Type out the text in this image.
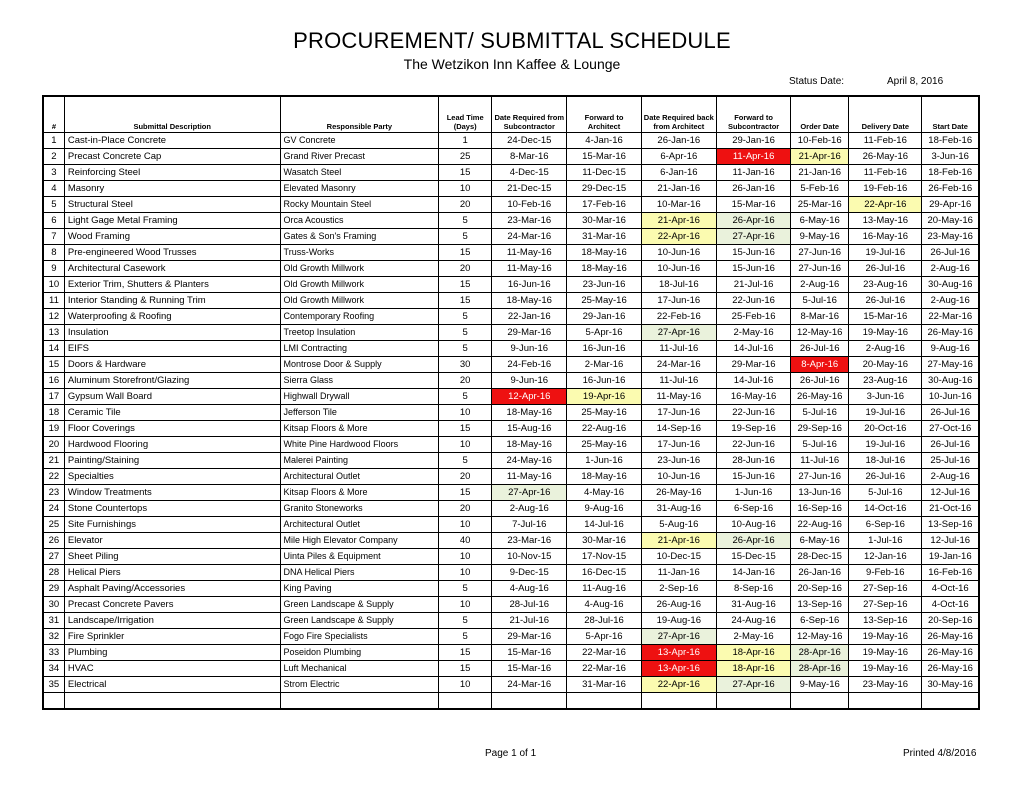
PROCUREMENT/ SUBMITTAL SCHEDULE
The Wetzikon Inn Kaffee & Lounge
Status Date:	April 8, 2016
#	Submittal Description	Responsible Party	Lead Time (Days)	Date Required from Subcontractor	Forward to Architect	Date Required back from Architect	Forward to Subcontractor	Order Date	Delivery Date	Start Date
1	Cast-in-Place Concrete	GV Concrete	1	24-Dec-15	4-Jan-16	26-Jan-16	29-Jan-16	10-Feb-16	11-Feb-16	18-Feb-16
2	Precast Concrete Cap	Grand River Precast	25	8-Mar-16	15-Mar-16	6-Apr-16	11-Apr-16	21-Apr-16	26-May-16	3-Jun-16
3	Reinforcing Steel	Wasatch Steel	15	4-Dec-15	11-Dec-15	6-Jan-16	11-Jan-16	21-Jan-16	11-Feb-16	18-Feb-16
4	Masonry	Elevated Masonry	10	21-Dec-15	29-Dec-15	21-Jan-16	26-Jan-16	5-Feb-16	19-Feb-16	26-Feb-16
5	Structural Steel	Rocky Mountain Steel	20	10-Feb-16	17-Feb-16	10-Mar-16	15-Mar-16	25-Mar-16	22-Apr-16	29-Apr-16
6	Light Gage Metal Framing	Orca Acoustics	5	23-Mar-16	30-Mar-16	21-Apr-16	26-Apr-16	6-May-16	13-May-16	20-May-16
7	Wood Framing	Gates & Son's Framing	5	24-Mar-16	31-Mar-16	22-Apr-16	27-Apr-16	9-May-16	16-May-16	23-May-16
8	Pre-engineered Wood Trusses	Truss-Works	15	11-May-16	18-May-16	10-Jun-16	15-Jun-16	27-Jun-16	19-Jul-16	26-Jul-16
9	Architectural Casework	Old Growth Millwork	20	11-May-16	18-May-16	10-Jun-16	15-Jun-16	27-Jun-16	26-Jul-16	2-Aug-16
10	Exterior Trim, Shutters & Planters	Old Growth Millwork	15	16-Jun-16	23-Jun-16	18-Jul-16	21-Jul-16	2-Aug-16	23-Aug-16	30-Aug-16
11	Interior Standing & Running Trim	Old Growth Millwork	15	18-May-16	25-May-16	17-Jun-16	22-Jun-16	5-Jul-16	26-Jul-16	2-Aug-16
12	Waterproofing & Roofing	Contemporary Roofing	5	22-Jan-16	29-Jan-16	22-Feb-16	25-Feb-16	8-Mar-16	15-Mar-16	22-Mar-16
13	Insulation	Treetop Insulation	5	29-Mar-16	5-Apr-16	27-Apr-16	2-May-16	12-May-16	19-May-16	26-May-16
14	EIFS	LMI Contracting	5	9-Jun-16	16-Jun-16	11-Jul-16	14-Jul-16	26-Jul-16	2-Aug-16	9-Aug-16
15	Doors & Hardware	Montrose Door & Supply	30	24-Feb-16	2-Mar-16	24-Mar-16	29-Mar-16	8-Apr-16	20-May-16	27-May-16
16	Aluminum Storefront/Glazing	Sierra Glass	20	9-Jun-16	16-Jun-16	11-Jul-16	14-Jul-16	26-Jul-16	23-Aug-16	30-Aug-16
17	Gypsum Wall Board	Highwall Drywall	5	12-Apr-16	19-Apr-16	11-May-16	16-May-16	26-May-16	3-Jun-16	10-Jun-16
18	Ceramic Tile	Jefferson Tile	10	18-May-16	25-May-16	17-Jun-16	22-Jun-16	5-Jul-16	19-Jul-16	26-Jul-16
19	Floor Coverings	Kitsap Floors & More	15	15-Aug-16	22-Aug-16	14-Sep-16	19-Sep-16	29-Sep-16	20-Oct-16	27-Oct-16
20	Hardwood Flooring	White Pine Hardwood Floors	10	18-May-16	25-May-16	17-Jun-16	22-Jun-16	5-Jul-16	19-Jul-16	26-Jul-16
21	Painting/Staining	Malerei Painting	5	24-May-16	1-Jun-16	23-Jun-16	28-Jun-16	11-Jul-16	18-Jul-16	25-Jul-16
22	Specialties	Architectural Outlet	20	11-May-16	18-May-16	10-Jun-16	15-Jun-16	27-Jun-16	26-Jul-16	2-Aug-16
23	Window Treatments	Kitsap Floors & More	15	27-Apr-16	4-May-16	26-May-16	1-Jun-16	13-Jun-16	5-Jul-16	12-Jul-16
24	Stone Countertops	Granito Stoneworks	20	2-Aug-16	9-Aug-16	31-Aug-16	6-Sep-16	16-Sep-16	14-Oct-16	21-Oct-16
25	Site Furnishings	Architectural Outlet	10	7-Jul-16	14-Jul-16	5-Aug-16	10-Aug-16	22-Aug-16	6-Sep-16	13-Sep-16
26	Elevator	Mile High Elevator Company	40	23-Mar-16	30-Mar-16	21-Apr-16	26-Apr-16	6-May-16	1-Jul-16	12-Jul-16
27	Sheet Piling	Uinta Piles & Equipment	10	10-Nov-15	17-Nov-15	10-Dec-15	15-Dec-15	28-Dec-15	12-Jan-16	19-Jan-16
28	Helical Piers	DNA Helical Piers	10	9-Dec-15	16-Dec-15	11-Jan-16	14-Jan-16	26-Jan-16	9-Feb-16	16-Feb-16
29	Asphalt Paving/Accessories	King Paving	5	4-Aug-16	11-Aug-16	2-Sep-16	8-Sep-16	20-Sep-16	27-Sep-16	4-Oct-16
30	Precast Concrete Pavers	Green Landscape & Supply	10	28-Jul-16	4-Aug-16	26-Aug-16	31-Aug-16	13-Sep-16	27-Sep-16	4-Oct-16
31	Landscape/Irrigation	Green Landscape & Supply	5	21-Jul-16	28-Jul-16	19-Aug-16	24-Aug-16	6-Sep-16	13-Sep-16	20-Sep-16
32	Fire Sprinkler	Fogo Fire Specialists	5	29-Mar-16	5-Apr-16	27-Apr-16	2-May-16	12-May-16	19-May-16	26-May-16
33	Plumbing	Poseidon Plumbing	15	15-Mar-16	22-Mar-16	13-Apr-16	18-Apr-16	28-Apr-16	19-May-16	26-May-16
34	HVAC	Luft Mechanical	15	15-Mar-16	22-Mar-16	13-Apr-16	18-Apr-16	28-Apr-16	19-May-16	26-May-16
35	Electrical	Strom Electric	10	24-Mar-16	31-Mar-16	22-Apr-16	27-Apr-16	9-May-16	23-May-16	30-May-16

Page 1 of 1	Printed 4/8/2016
